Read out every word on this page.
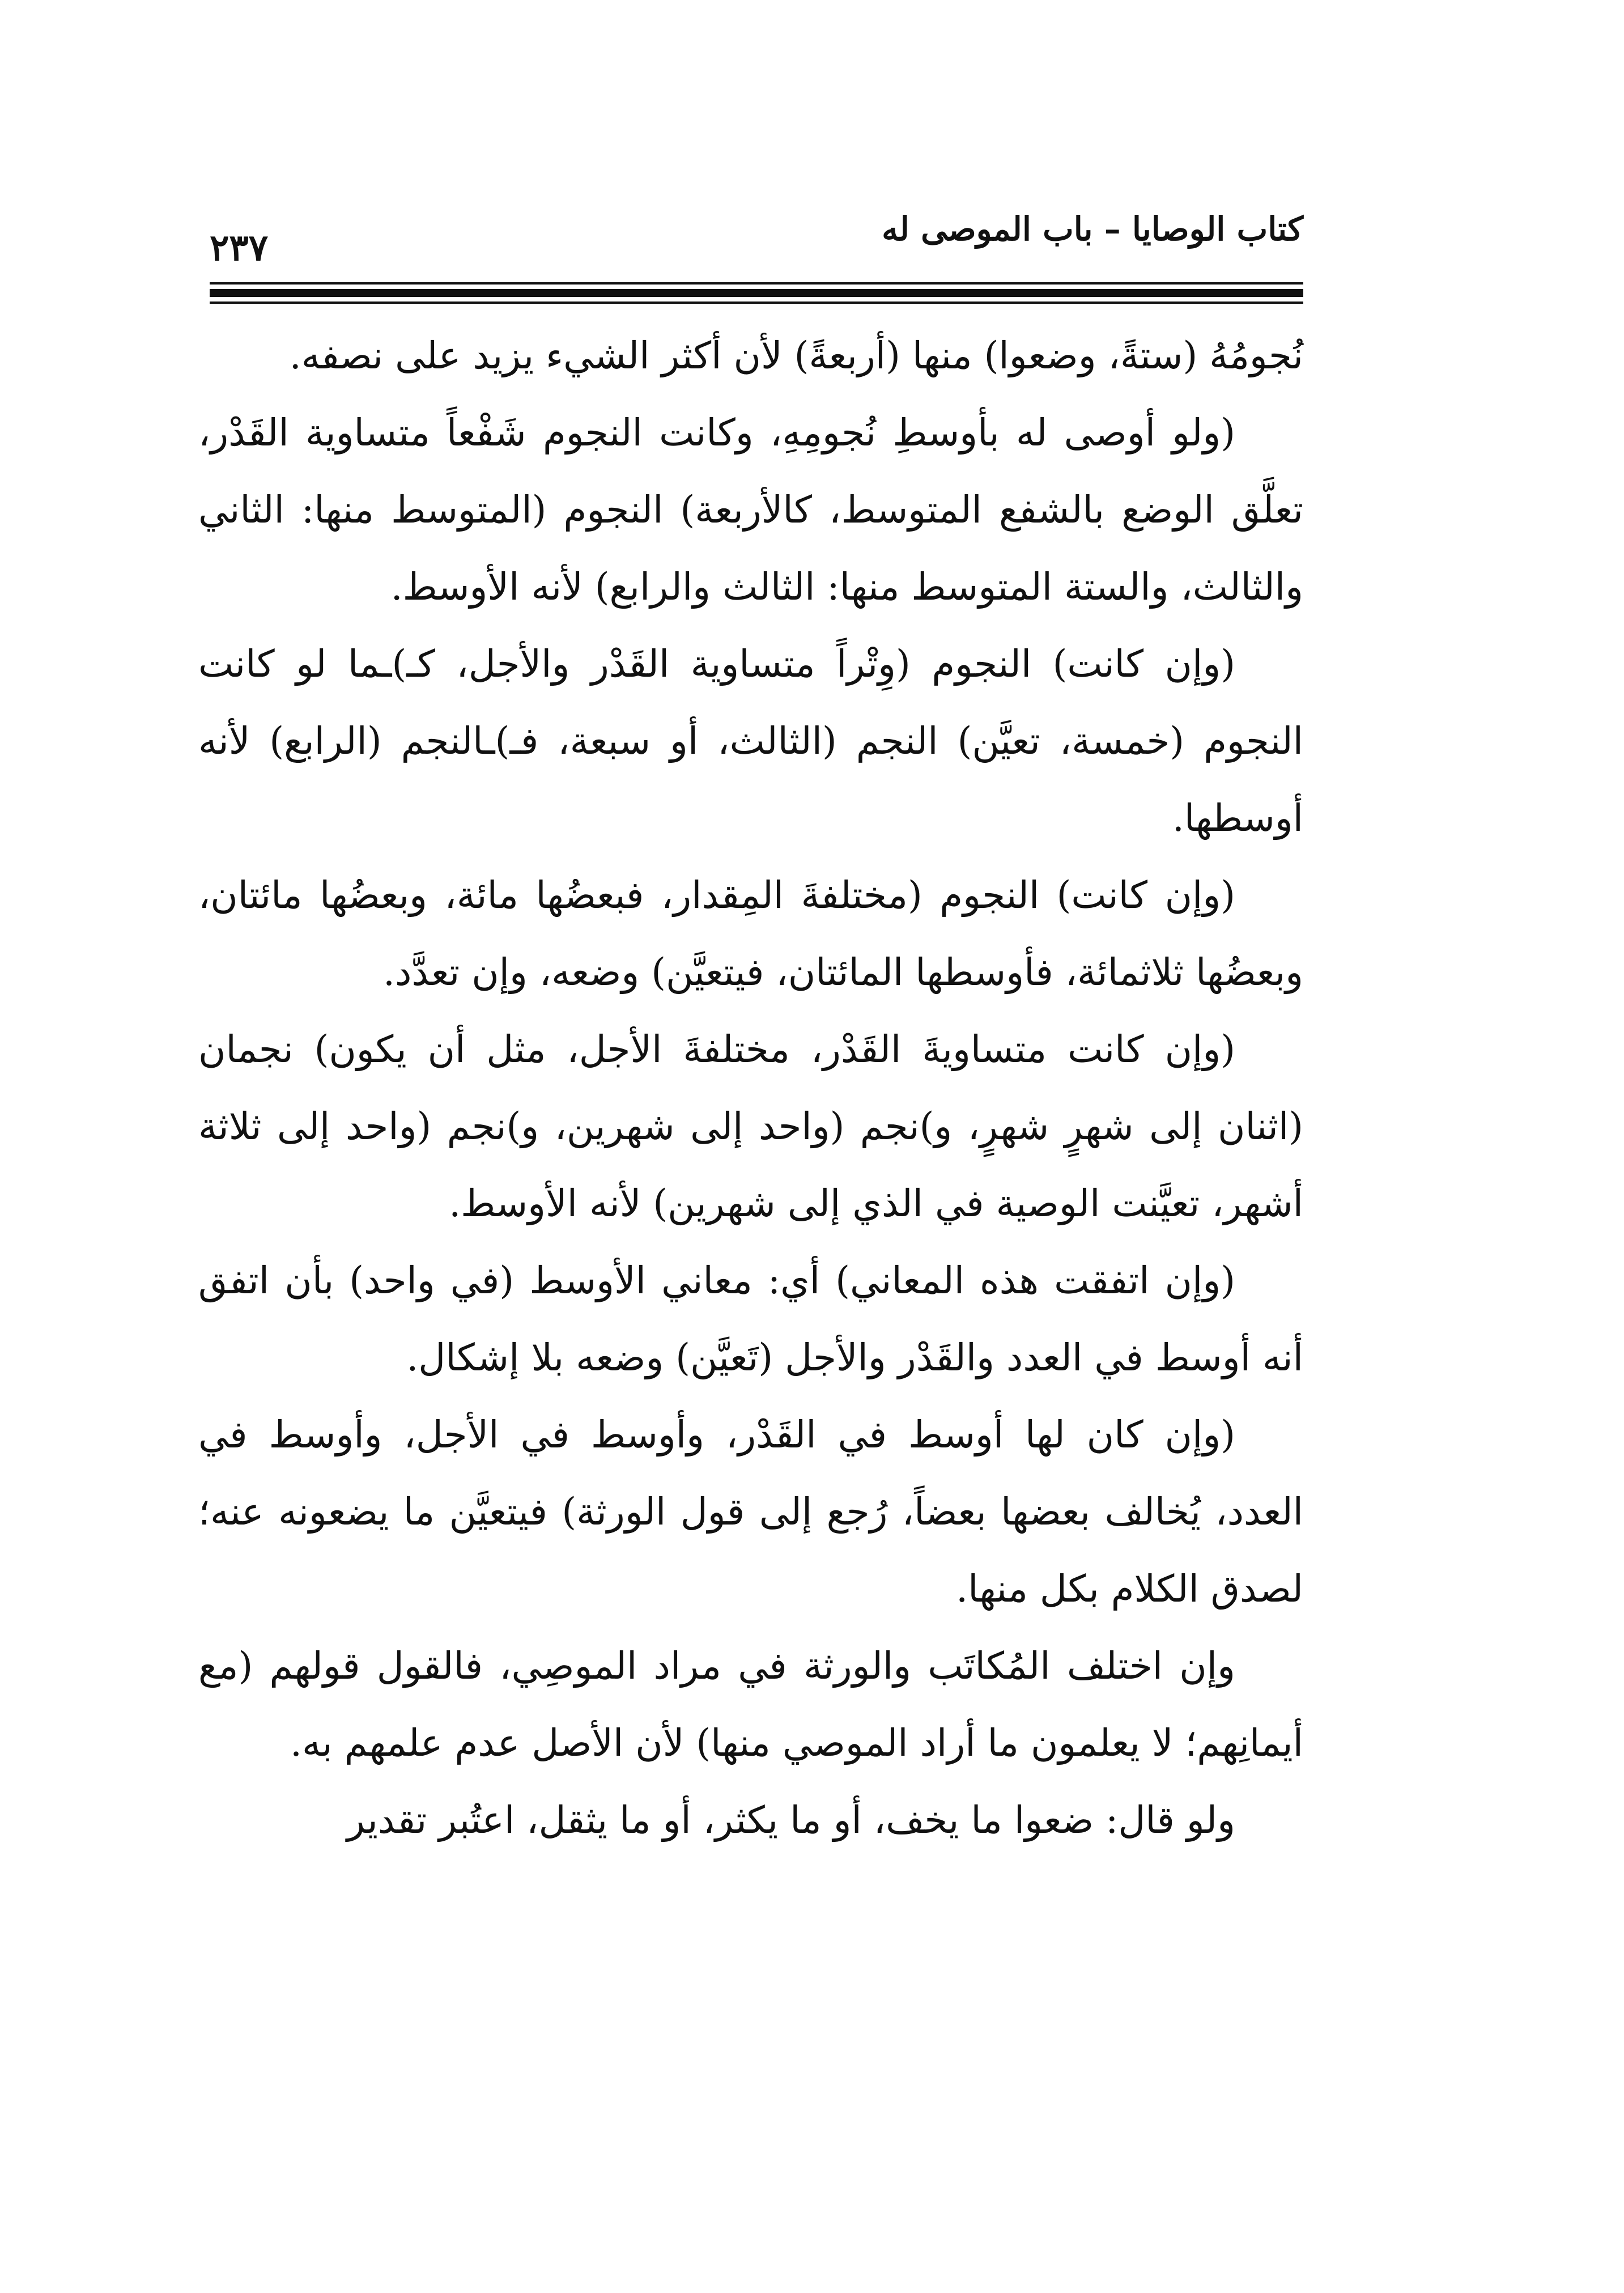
كتاب الوصايا – باب الموصى له
٢٣٧

نُجومُهُ (ستةً، وضعوا) منها (أربعةً) لأن أكثر الشيء يزيد على نصفه.

(ولو أوصى له بأوسطِ نُجومِهِ، وكانت النجوم شَفْعاً متساوية القَدْر، تعلَّق الوضع بالشفع المتوسط، كالأربعة) النجوم (المتوسط منها: الثاني والثالث، والستة المتوسط منها: الثالث والرابع) لأنه الأوسط.

(وإن كانت) النجوم (وِتْراً متساوية القَدْر والأجل، كـ)ـما لو كانت النجوم (خمسة، تعيَّن) النجم (الثالث، أو سبعة، فـ)ـالنجم (الرابع) لأنه أوسطها.

(وإن كانت) النجوم (مختلفةَ المِقدار، فبعضُها مائة، وبعضُها مائتان، وبعضُها ثلاثمائة، فأوسطها المائتان، فيتعيَّن) وضعه، وإن تعدَّد.

(وإن كانت متساويةَ القَدْر، مختلفةَ الأجل، مثل أن يكون) نجمان (اثنان إلى شهرٍ شهرٍ، و)نجم (واحد إلى شهرين، و)نجم (واحد إلى ثلاثة أشهر، تعيَّنت الوصية في الذي إلى شهرين) لأنه الأوسط.

(وإن اتفقت هذه المعاني) أي: معاني الأوسط (في واحد) بأن اتفق أنه أوسط في العدد والقَدْر والأجل (تَعيَّن) وضعه بلا إشكال.

(وإن كان لها أوسط في القَدْر، وأوسط في الأجل، وأوسط في العدد، يُخالف بعضها بعضاً، رُجع إلى قول الورثة) فيتعيَّن ما يضعونه عنه؛ لصدق الكلام بكل منها.

وإن اختلف المُكاتَب والورثة في مراد الموصِي، فالقول قولهم (مع أيمانِهم؛ لا يعلمون ما أراد الموصي منها) لأن الأصل عدم علمهم به.

ولو قال: ضعوا ما يخف، أو ما يكثر، أو ما يثقل، اعتُبر تقدير
